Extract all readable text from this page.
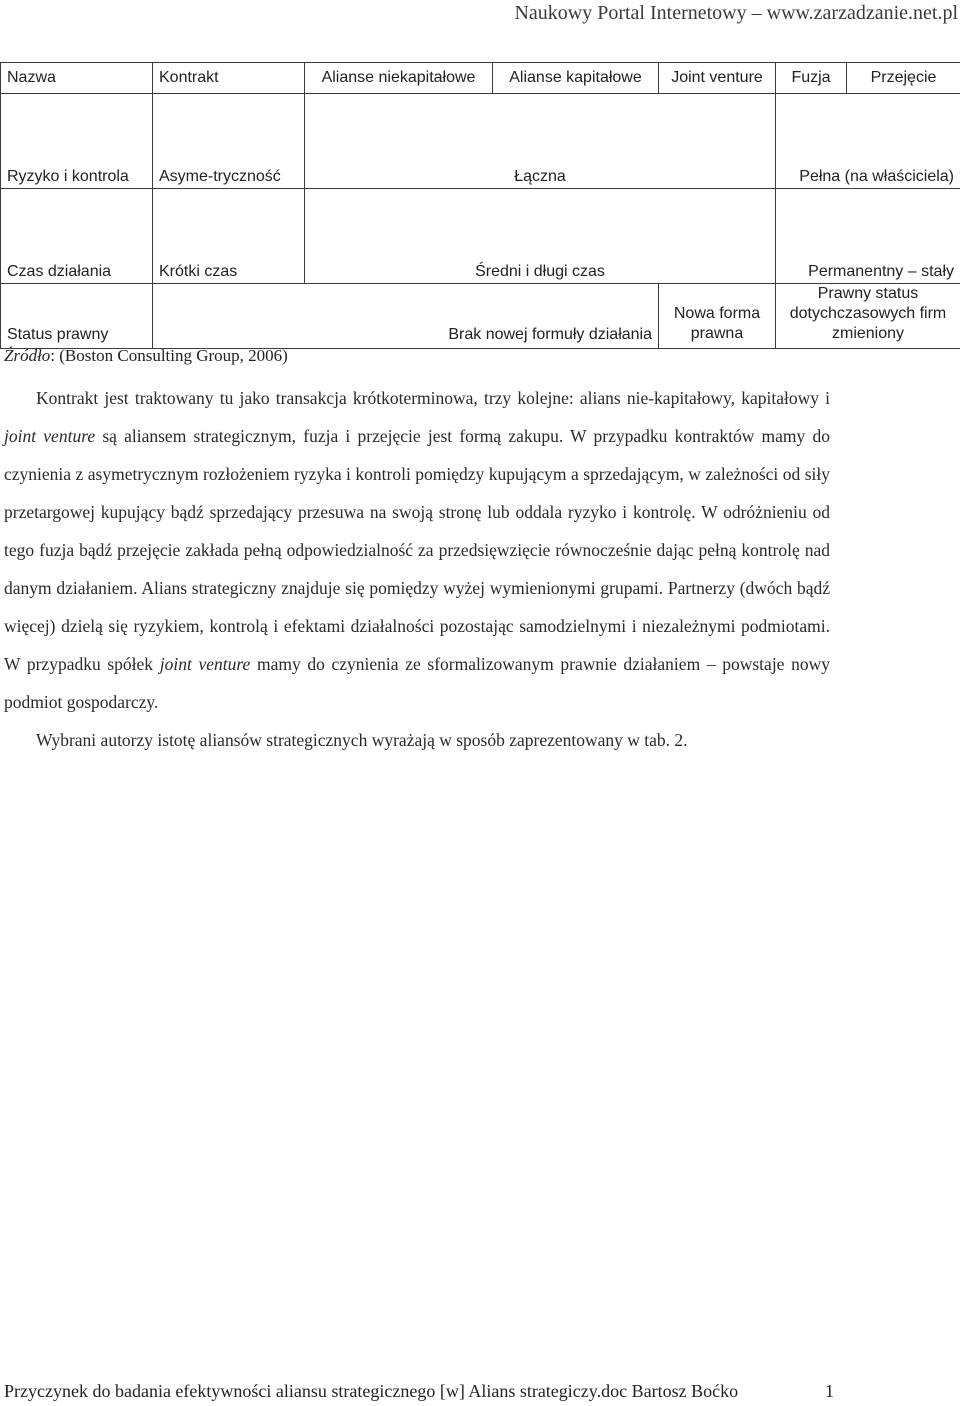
Naukowy Portal Internetowy – www.zarzadzanie.net.pl
Nazwa	Kontrakt	Alianse niekapitałowe	Alianse kapitałowe	Joint venture	Fuzja	Przejęcie
Ryzyko i kontrola	Asyme-tryczność	Łączna			Pełna (na właściciela)	
Czas działania	Krótki czas	Średni i długi czas			Permanentny – stały	
Status prawny	Brak nowej formuły działania			Nowa forma prawna	Prawny status dotychczasowych firm zmieniony	
Źródło: (Boston Consulting Group, 2006)

Kontrakt jest traktowany tu jako transakcja krótkoterminowa, trzy kolejne: alians nie-kapitałowy, kapitałowy i joint venture są aliansem strategicznym, fuzja i przejęcie jest formą zakupu. W przypadku kontraktów mamy do czynienia z asymetrycznym rozłożeniem ryzyka i kontroli pomiędzy kupującym a sprzedającym, w zależności od siły przetargowej kupujący bądź sprzedający przesuwa na swoją stronę lub oddala ryzyko i kontrolę. W odróżnieniu od tego fuzja bądź przejęcie zakłada pełną odpowiedzialność za przedsięwzięcie równocześnie dając pełną kontrolę nad danym działaniem. Alians strategiczny znajduje się pomiędzy wyżej wymienionymi grupami. Partnerzy (dwóch bądź więcej) dzielą się ryzykiem, kontrolą i efektami działalności pozostając samodzielnymi i niezależnymi podmiotami. W przypadku spółek joint venture mamy do czynienia ze sformalizowanym prawnie działaniem – powstaje nowy podmiot gospodarczy.

Wybrani autorzy istotę aliansów strategicznych wyrażają w sposób zaprezentowany w tab. 2.

Przyczynek do badania efektywności aliansu strategicznego [w] Alians strategiczy.doc Bartosz Boćko	1
